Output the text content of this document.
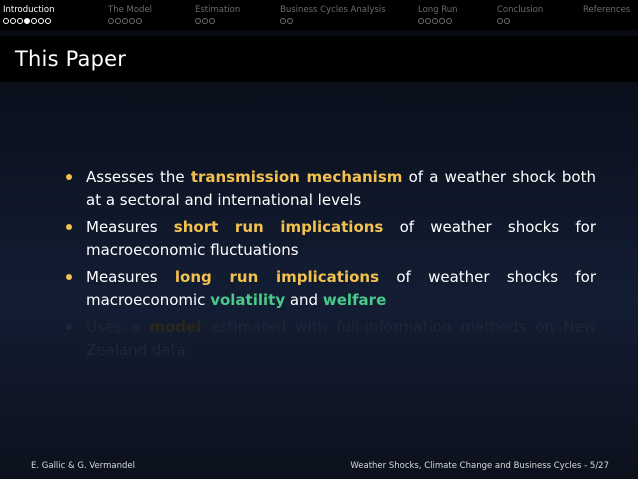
Introduction	The Model	Estimation	Business Cycles Analysis	Long Run	Conclusion	References
This Paper
Assesses the transmission mechanism of a weather shock both at a sectoral and international levels
Measures short run implications of weather shocks for macroeconomic fluctuations
Measures long run implications of weather shocks for macroeconomic volatility and welfare
Uses a model estimated with full-information methods on New Zealand data
E. Gallic & G. Vermandel	Weather Shocks, Climate Change and Business Cycles - 5/27
